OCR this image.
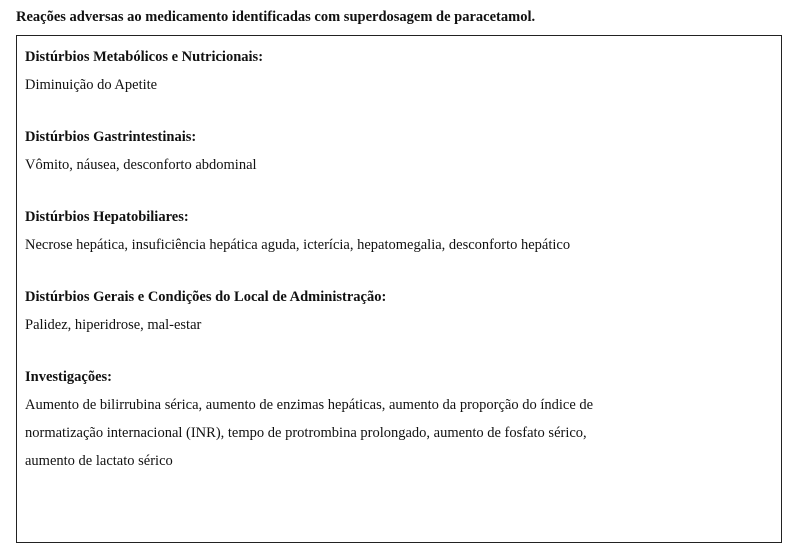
Reações adversas ao medicamento identificadas com superdosagem de paracetamol.
Distúrbios Metabólicos e Nutricionais:
Diminuição do Apetite
Distúrbios Gastrintestinais:
Vômito, náusea, desconforto abdominal
Distúrbios Hepatobiliares:
Necrose hepática, insuficiência hepática aguda, icterícia, hepatomegalia, desconforto hepático
Distúrbios Gerais e Condições do Local de Administração:
Palidez, hiperidrose, mal-estar
Investigações:
Aumento de bilirrubina sérica, aumento de enzimas hepáticas, aumento da proporção do índice de
normatização internacional (INR), tempo de protrombina prolongado, aumento de fosfato sérico,
aumento de lactato sérico
